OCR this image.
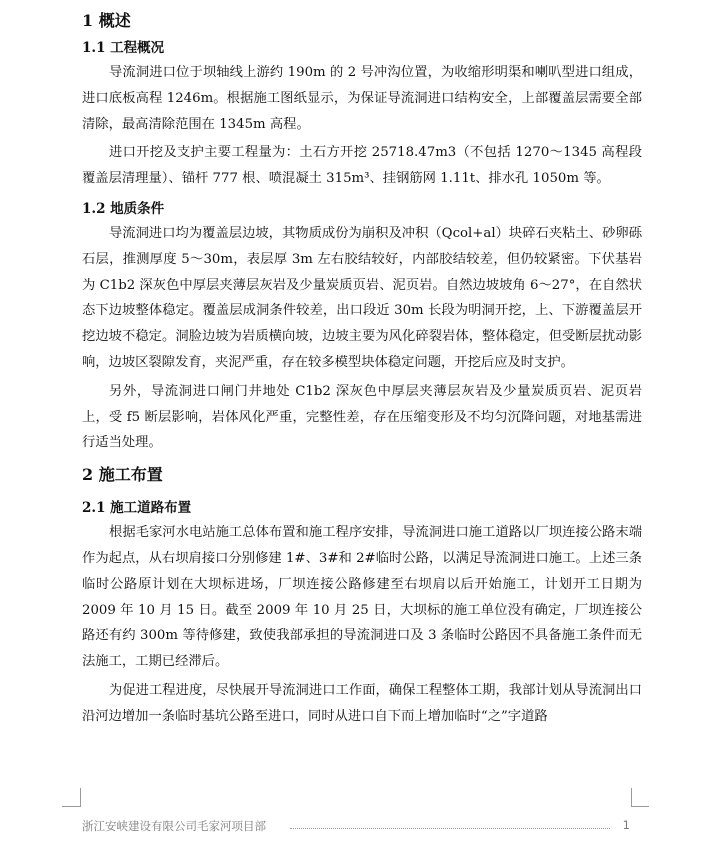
1 概述
1.1 工程概况

导流洞进口位于坝轴线上游约 190m 的 2 号冲沟位置，为收缩形明渠和喇叭型进口组成，进口底板高程 1246m。根据施工图纸显示，为保证导流洞进口结构安全，上部覆盖层需要全部清除，最高清除范围在 1345m 高程。

进口开挖及支护主要工程量为：土石方开挖 25718.47m3（不包括 1270～1345 高程段覆盖层清理量）、锚杆 777 根、喷混凝土 315m³、挂钢筋网 1.11t、排水孔 1050m 等。

1.2 地质条件

导流洞进口均为覆盖层边坡，其物质成份为崩积及冲积（Qcol+al）块碎石夹粘土、砂卵砾石层，推测厚度 5～30m，表层厚 3m 左右胶结较好，内部胶结较差，但仍较紧密。下伏基岩为 C1b2 深灰色中厚层夹薄层灰岩及少量炭质页岩、泥页岩。自然边坡坡角 6～27°，在自然状态下边坡整体稳定。覆盖层成洞条件较差，出口段近 30m 长段为明洞开挖，上、下游覆盖层开挖边坡不稳定。洞脸边坡为岩质横向坡，边坡主要为风化碎裂岩体，整体稳定，但受断层扰动影响，边坡区裂隙发育，夹泥严重，存在较多模型块体稳定问题，开挖后应及时支护。

另外，导流洞进口闸门井地处 C1b2 深灰色中厚层夹薄层灰岩及少量炭质页岩、泥页岩上，受 f5 断层影响，岩体风化严重，完整性差，存在压缩变形及不均匀沉降问题，对地基需进行适当处理。

2 施工布置
2.1 施工道路布置

根据毛家河水电站施工总体布置和施工程序安排，导流洞进口施工道路以厂坝连接公路末端作为起点，从右坝肩接口分别修建 1#、3#和 2#临时公路，以满足导流洞进口施工。上述三条临时公路原计划在大坝标进场，厂坝连接公路修建至右坝肩以后开始施工，计划开工日期为 2009 年 10 月 15 日。截至 2009 年 10 月 25 日，大坝标的施工单位没有确定，厂坝连接公路还有约 300m 等待修建，致使我部承担的导流洞进口及 3 条临时公路因不具备施工条件而无法施工，工期已经滞后。

为促进工程进度，尽快展开导流洞进口工作面，确保工程整体工期，我部计划从导流洞出口沿河边增加一条临时基坑公路至进口，同时从进口自下而上增加临时“之”字道路

浙江安峡建设有限公司毛家河项目部	1
